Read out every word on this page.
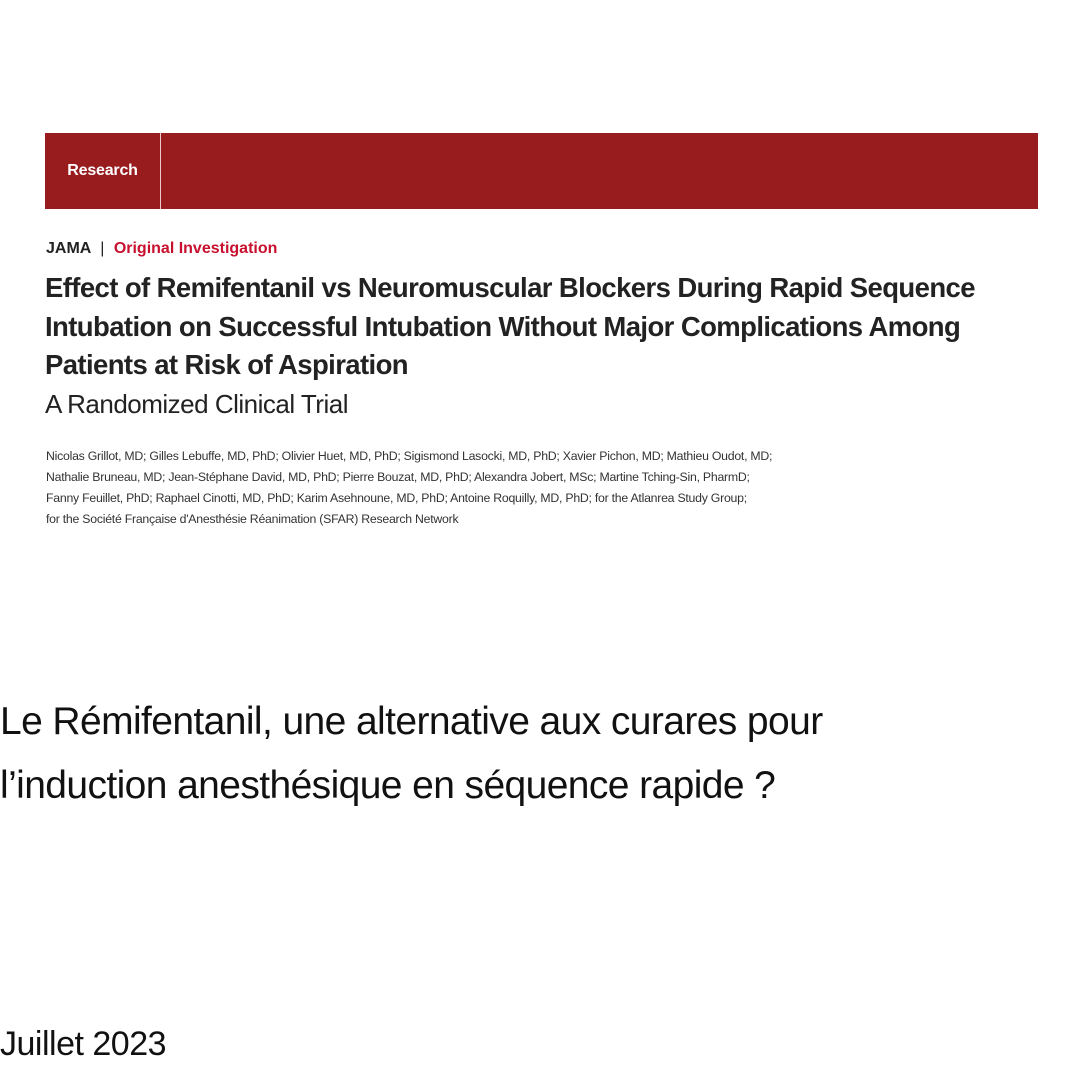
Research
JAMA | Original Investigation
Effect of Remifentanil vs Neuromuscular Blockers During Rapid Sequence Intubation on Successful Intubation Without Major Complications Among Patients at Risk of Aspiration
A Randomized Clinical Trial
Nicolas Grillot, MD; Gilles Lebuffe, MD, PhD; Olivier Huet, MD, PhD; Sigismond Lasocki, MD, PhD; Xavier Pichon, MD; Mathieu Oudot, MD;
Nathalie Bruneau, MD; Jean-Stéphane David, MD, PhD; Pierre Bouzat, MD, PhD; Alexandra Jobert, MSc; Martine Tching-Sin, PharmD;
Fanny Feuillet, PhD; Raphael Cinotti, MD, PhD; Karim Asehnoune, MD, PhD; Antoine Roquilly, MD, PhD; for the Atlanrea Study Group;
for the Société Française d'Anesthésie Réanimation (SFAR) Research Network
Le Rémifentanil, une alternative aux curares pour
l’induction anesthésique en séquence rapide ?
Juillet 2023
